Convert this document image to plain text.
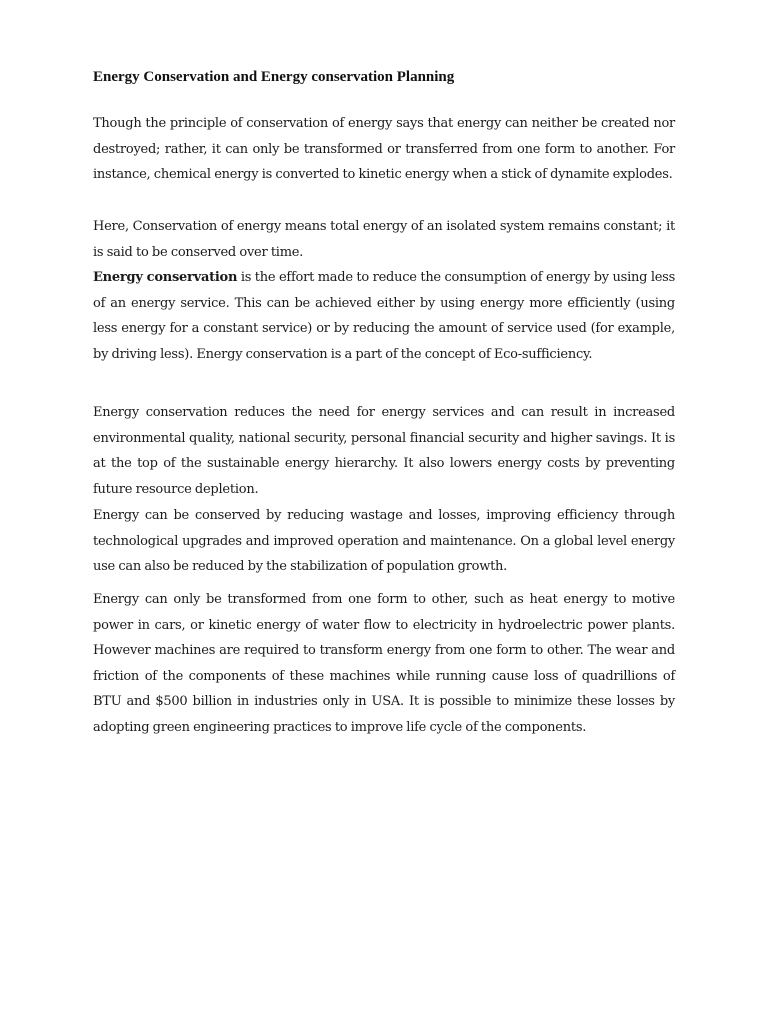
Energy Conservation and Energy conservation Planning

Though the principle of conservation of energy says that energy can neither be created nor destroyed; rather, it can only be transformed or transferred from one form to another. For instance, chemical energy is converted to kinetic energy when a stick of dynamite explodes.

Here, Conservation of energy means total energy of an isolated system remains constant; it is said to be conserved over time.

Energy conservation is the effort made to reduce the consumption of energy by using less of an energy service. This can be achieved either by using energy more efficiently (using less energy for a constant service) or by reducing the amount of service used (for example, by driving less). Energy conservation is a part of the concept of Eco-sufficiency.

Energy conservation reduces the need for energy services and can result in increased environmental quality, national security, personal financial security and higher savings. It is at the top of the sustainable energy hierarchy. It also lowers energy costs by preventing future resource depletion.

Energy can be conserved by reducing wastage and losses, improving efficiency through technological upgrades and improved operation and maintenance. On a global level energy use can also be reduced by the stabilization of population growth.

Energy can only be transformed from one form to other, such as heat energy to motive power in cars, or kinetic energy of water flow to electricity in hydroelectric power plants. However machines are required to transform energy from one form to other. The wear and friction of the components of these machines while running cause loss of quadrillions of BTU and $500 billion in industries only in USA. It is possible to minimize these losses by adopting green engineering practices to improve life cycle of the components.
